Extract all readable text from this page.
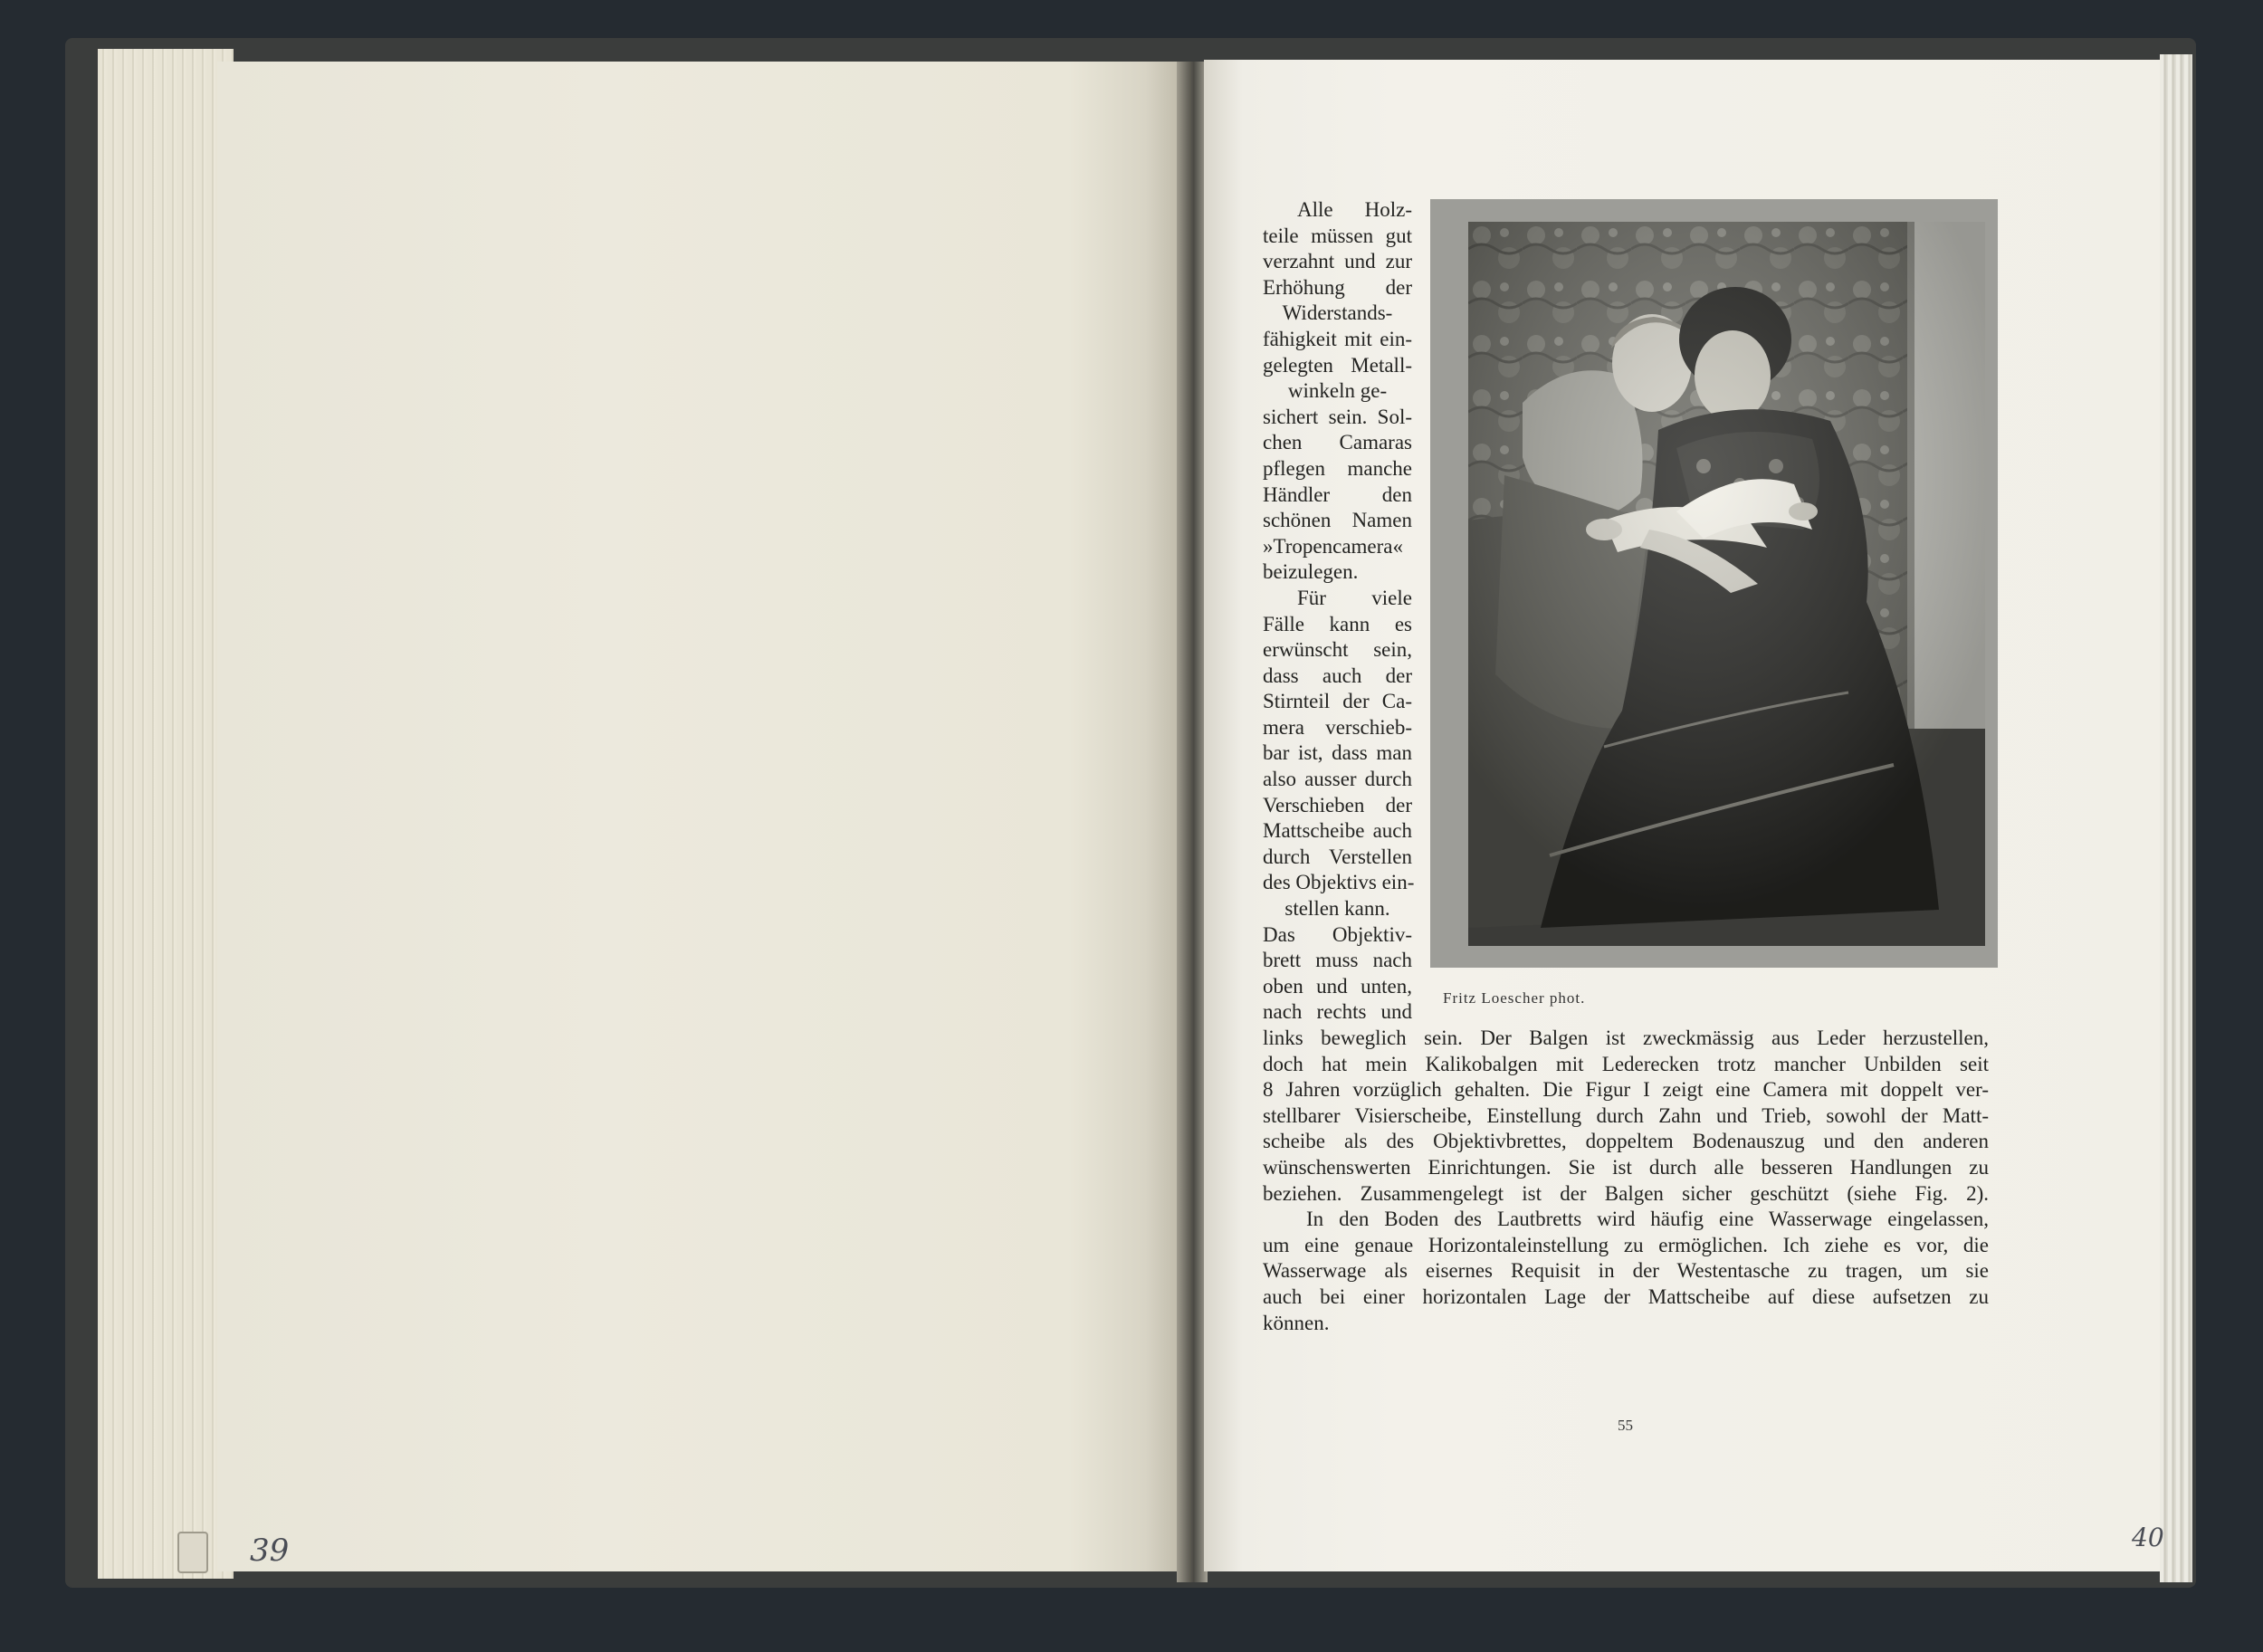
39	40
Alle Holz-
teile müssen gut
verzahnt und zur
Erhöhung der
Widerstands-
fähigkeit mit ein-
gelegten Metall-
winkeln ge-
sichert sein. Sol-
chen Camaras
pflegen manche
Händler den
schönen Namen
»Tropencamera«
beizulegen.
Für viele
Fälle kann es
erwünscht sein,
dass auch der
Stirnteil der Ca-
mera verschieb-
bar ist, dass man
also ausser durch
Verschieben der
Mattscheibe auch
durch Verstellen
des Objektivs ein-
stellen kann.
Das Objektiv-
brett muss nach
oben und unten,
nach rechts und
Fritz Loescher phot.
links beweglich sein. Der Balgen ist zweckmässig aus Leder herzustellen,
doch hat mein Kalikobalgen mit Lederecken trotz mancher Unbilden seit
8 Jahren vorzüglich gehalten. Die Figur I zeigt eine Camera mit doppelt ver-
stellbarer Visierscheibe, Einstellung durch Zahn und Trieb, sowohl der Matt-
scheibe als des Objektivbrettes, doppeltem Bodenauszug und den anderen
wünschenswerten Einrichtungen. Sie ist durch alle besseren Handlungen zu
beziehen. Zusammengelegt ist der Balgen sicher geschützt (siehe Fig. 2).
In den Boden des Lautbretts wird häufig eine Wasserwage eingelassen,
um eine genaue Horizontaleinstellung zu ermöglichen. Ich ziehe es vor, die
Wasserwage als eisernes Requisit in der Westentasche zu tragen, um sie
auch bei einer horizontalen Lage der Mattscheibe auf diese aufsetzen zu
können.
55
